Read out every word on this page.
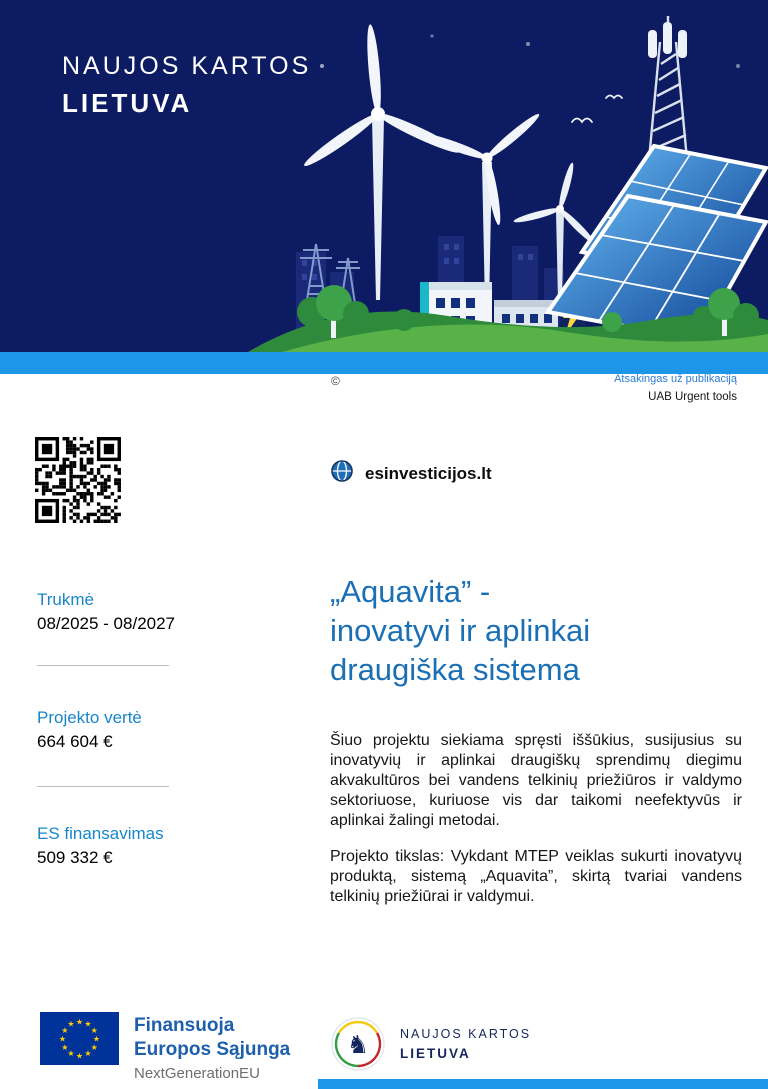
NAUJOS KARTOS
LIETUVA
©	Atsakingas už publikaciją
UAB Urgent tools
esinvesticijos.lt
Trukmė
08/2025 - 08/2027
Projekto vertė
664 604 €
ES finansavimas
509 332 €
„Aquavita” -
inovatyvi ir aplinkai
draugiška sistema

Šiuo projektu siekiama spręsti iššūkius, susijusius su inovatyvių ir aplinkai draugiškų sprendimų diegimu akvakultūros bei vandens telkinių priežiūros ir valdymo sektoriuose, kuriuose vis dar taikomi neefektyvūs ir aplinkai žalingi metodai.

Projekto tikslas: Vykdant MTEP veiklas sukurti inovatyvų produktą, sistemą „Aquavita”, skirtą tvariai vandens telkinių priežiūrai ir valdymui.

★ ★
★
★
★
★
★
★
★
★
★
★	Finansuoja
Europos Sąjunga
NextGenerationEU
♞ NAUJOS KARTOS
LIETUVA
